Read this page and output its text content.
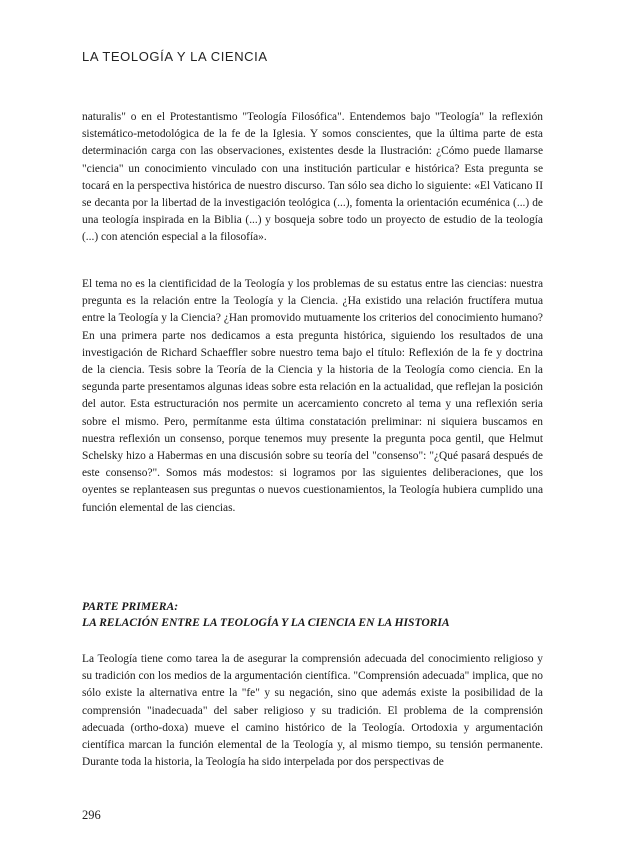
LA TEOLOGÍA Y LA CIENCIA

naturalis" o en el Protestantismo "Teología Filosófica". Entendemos bajo "Teología" la reflexión sistemático-metodológica de la fe de la Iglesia. Y somos conscientes, que la última parte de esta determinación carga con las observaciones, existentes desde la Ilustración: ¿Cómo puede llamarse "ciencia" un conocimiento vinculado con una institución particular e histórica? Esta pregunta se tocará en la perspectiva histórica de nuestro discurso. Tan sólo sea dicho lo siguiente: «El Vaticano II se decanta por la libertad de la investigación teológica (...), fomenta la orientación ecuménica (...) de una teología inspirada en la Biblia (...) y bosqueja sobre todo un proyecto de estudio de la teología (...) con atención especial a la filosofía».

El tema no es la cientificidad de la Teología y los problemas de su estatus entre las ciencias: nuestra pregunta es la relación entre la Teología y la Ciencia. ¿Ha existido una relación fructífera mutua entre la Teología y la Ciencia? ¿Han promovido mutuamente los criterios del conocimiento humano? En una primera parte nos dedicamos a esta pregunta histórica, siguiendo los resultados de una investigación de Richard Schaeffler sobre nuestro tema bajo el título: Reflexión de la fe y doctrina de la ciencia. Tesis sobre la Teoría de la Ciencia y la historia de la Teología como ciencia. En la segunda parte presentamos algunas ideas sobre esta relación en la actualidad, que reflejan la posición del autor. Esta estructuración nos permite un acercamiento concreto al tema y una reflexión seria sobre el mismo. Pero, permítanme esta última constatación preliminar: ni siquiera buscamos en nuestra reflexión un consenso, porque tenemos muy presente la pregunta poca gentil, que Helmut Schelsky hizo a Habermas en una discusión sobre su teoría del "consenso": "¿Qué pasará después de este consenso?". Somos más modestos: si logramos por las siguientes deliberaciones, que los oyentes se replanteasen sus preguntas o nuevos cuestionamientos, la Teología hubiera cumplido una función elemental de las ciencias.

PARTE PRIMERA:
LA RELACIÓN ENTRE LA TEOLOGÍA Y LA CIENCIA EN LA HISTORIA

La Teología tiene como tarea la de asegurar la comprensión adecuada del conocimiento religioso y su tradición con los medios de la argumentación científica. "Comprensión adecuada" implica, que no sólo existe la alternativa entre la "fe" y su negación, sino que además existe la posibilidad de la comprensión "inadecuada" del saber religioso y su tradición. El problema de la comprensión adecuada (ortho-doxa) mueve el camino histórico de la Teología. Ortodoxia y argumentación científica marcan la función elemental de la Teología y, al mismo tiempo, su tensión permanente. Durante toda la historia, la Teología ha sido interpelada por dos perspectivas de

296
